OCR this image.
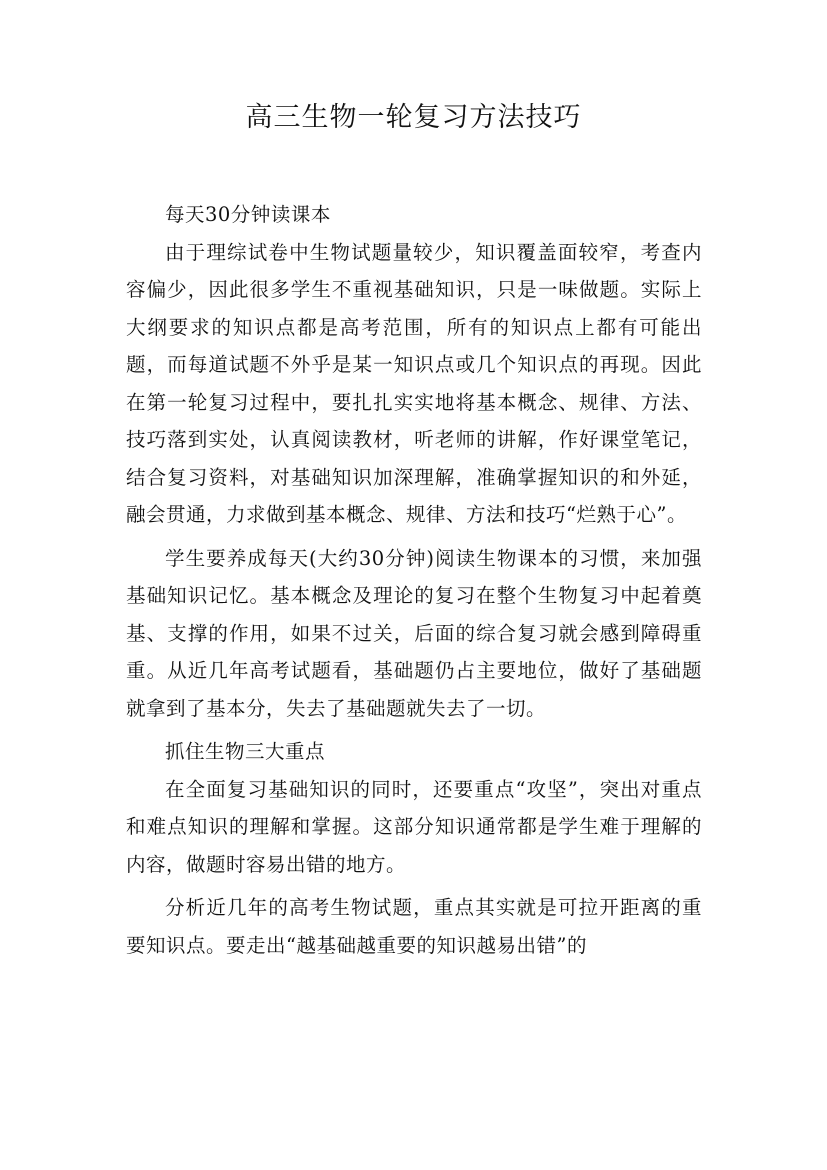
高三生物一轮复习方法技巧

每天30分钟读课本

由于理综试卷中生物试题量较少，知识覆盖面较窄，考查内容偏少，因此很多学生不重视基础知识，只是一味做题。实际上大纲要求的知识点都是高考范围，所有的知识点上都有可能出题，而每道试题不外乎是某一知识点或几个知识点的再现。因此在第一轮复习过程中，要扎扎实实地将基本概念、规律、方法、技巧落到实处，认真阅读教材，听老师的讲解，作好课堂笔记，结合复习资料，对基础知识加深理解，准确掌握知识的和外延，融会贯通，力求做到基本概念、规律、方法和技巧“烂熟于心”。

学生要养成每天(大约30分钟)阅读生物课本的习惯，来加强基础知识记忆。基本概念及理论的复习在整个生物复习中起着奠基、支撑的作用，如果不过关，后面的综合复习就会感到障碍重重。从近几年高考试题看，基础题仍占主要地位，做好了基础题就拿到了基本分，失去了基础题就失去了一切。

抓住生物三大重点

在全面复习基础知识的同时，还要重点“攻坚”，突出对重点和难点知识的理解和掌握。这部分知识通常都是学生难于理解的内容，做题时容易出错的地方。

分析近几年的高考生物试题，重点其实就是可拉开距离的重要知识点。要走出“越基础越重要的知识越易出错”的
